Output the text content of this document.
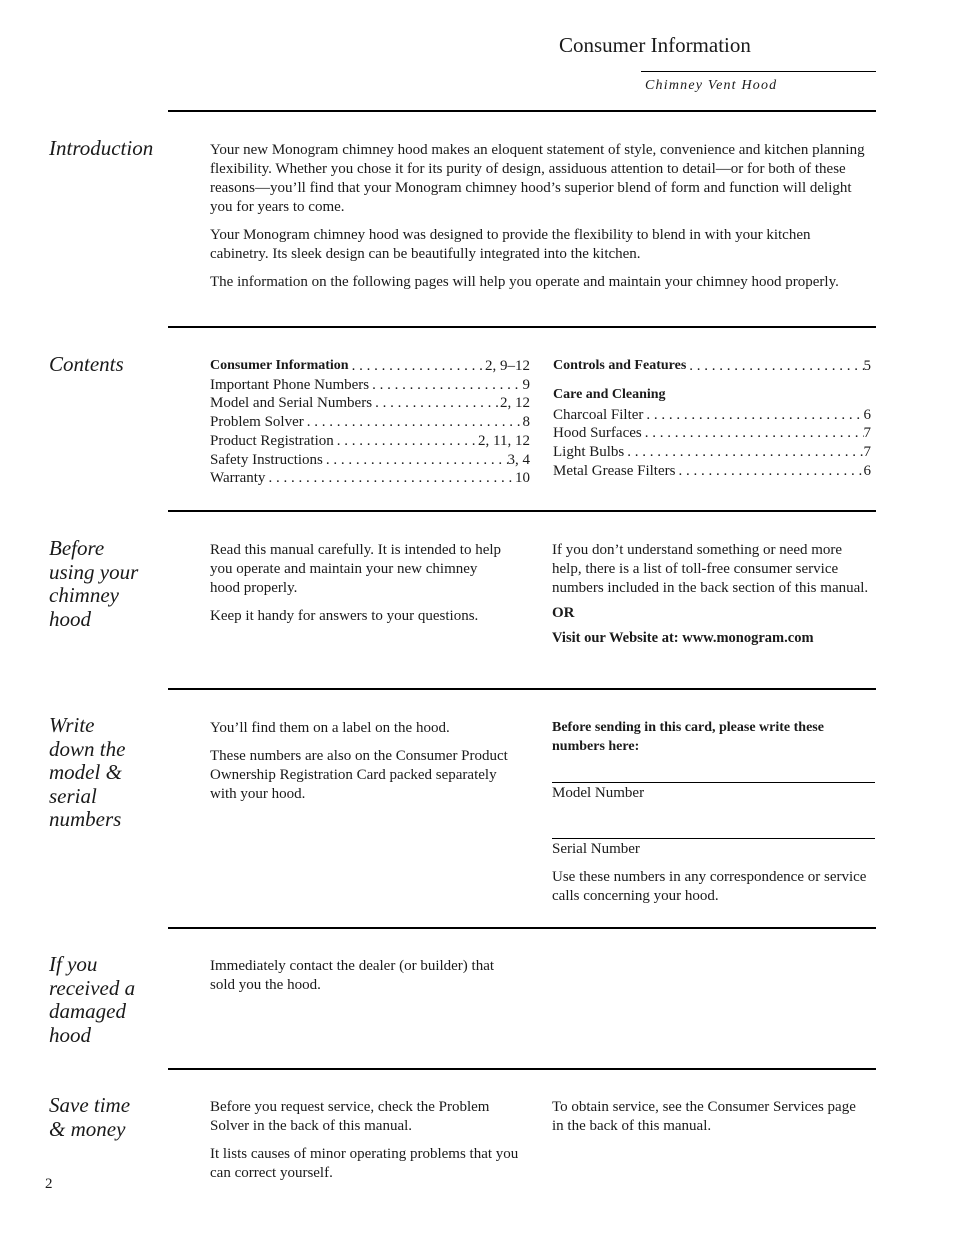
Consumer Information
Chimney Vent Hood
Introduction	Your new Monogram chimney hood makes an eloquent statement of style, convenience and kitchen planning flexibility. Whether you chose it for its purity of design, assiduous attention to detail—or for both of these reasons—you’ll find that your Monogram chimney hood’s superior blend of form and function will delight you for years to come.

Your Monogram chimney hood was designed to provide the flexibility to blend in with your kitchen cabinetry. Its sleek design can be beautifully integrated into the kitchen.

The information on the following pages will help you operate and maintain your chimney hood properly.

Contents	Consumer Information . . .	2, 9–12
Important Phone Numbers . . .	9
Model and Serial Numbers . . .	2, 12
Problem Solver . . .	8
Product Registration . . .	2, 11, 12
Safety Instructions . . .	3, 4
Warranty . . .	10
Controls and Features . . .	5
Care and Cleaning
Charcoal Filter . . .	6
Hood Surfaces . . .	7
Light Bulbs . . .	7
Metal Grease Filters . . .	6
Before
using your
chimney
hood

Read this manual carefully. It is intended to help you operate and maintain your new chimney hood properly.

Keep it handy for answers to your questions.

If you don’t understand something or need more help, there is a list of toll-free consumer service numbers included in the back section of this manual.

OR

Visit our Website at: www.monogram.com

Write
down the
model &
serial
numbers

You’ll find them on a label on the hood.

These numbers are also on the Consumer Product Ownership Registration Card packed separately with your hood.

Before sending in this card, please write these numbers here:

Model Number
Serial Number

Use these numbers in any correspondence or service calls concerning your hood.

If you
received a
damaged
hood

Immediately contact the dealer (or builder) that sold you the hood.

Save time
& money

Before you request service, check the Problem Solver in the back of this manual.

It lists causes of minor operating problems that you can correct yourself.

To obtain service, see the Consumer Services page in the back of this manual.

2
